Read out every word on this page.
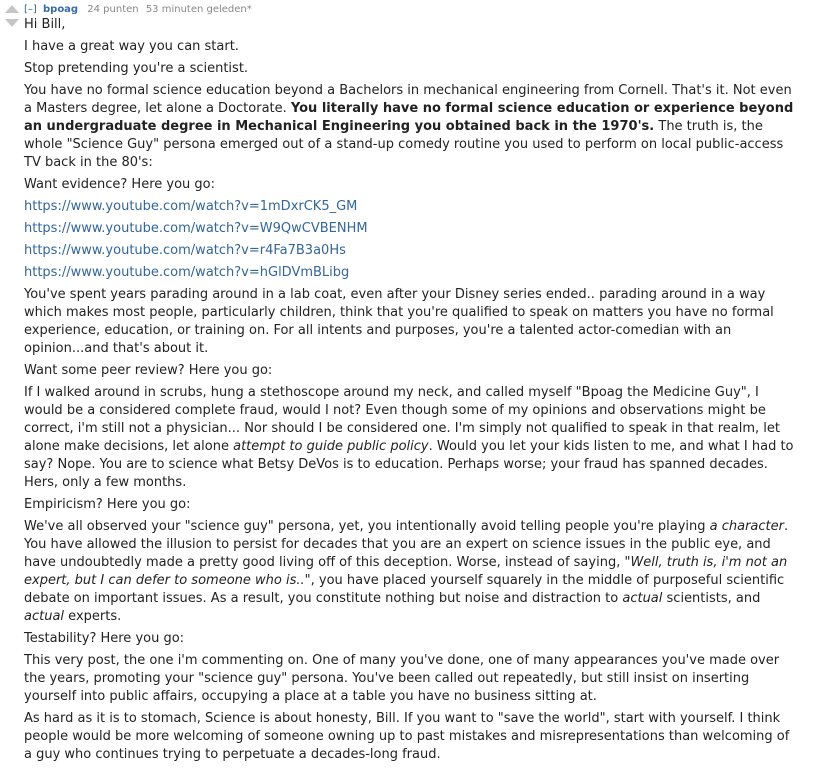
[–] bpoag 24 punten 53 minuten geleden*

Hi Bill,

I have a great way you can start.

Stop pretending you're a scientist.

You have no formal science education beyond a Bachelors in mechanical engineering from Cornell. That's it. Not even a Masters degree, let alone a Doctorate. You literally have no formal science education or experience beyond an undergraduate degree in Mechanical Engineering you obtained back in the 1970's. The truth is, the whole "Science Guy" persona emerged out of a stand-up comedy routine you used to perform on local public-access TV back in the 80's:

Want evidence? Here you go:

https://www.youtube.com/watch?v=1mDxrCK5_GM

https://www.youtube.com/watch?v=W9QwCVBENHM

https://www.youtube.com/watch?v=r4Fa7B3a0Hs

https://www.youtube.com/watch?v=hGlDVmBLibg

You've spent years parading around in a lab coat, even after your Disney series ended.. parading around in a way which makes most people, particularly children, think that you're qualified to speak on matters you have no formal experience, education, or training on. For all intents and purposes, you're a talented actor-comedian with an opinion...and that's about it.

Want some peer review? Here you go:

If I walked around in scrubs, hung a stethoscope around my neck, and called myself "Bpoag the Medicine Guy", I would be a considered complete fraud, would I not? Even though some of my opinions and observations might be correct, i'm still not a physician... Nor should I be considered one. I'm simply not qualified to speak in that realm, let alone make decisions, let alone attempt to guide public policy. Would you let your kids listen to me, and what I had to say? Nope. You are to science what Betsy DeVos is to education. Perhaps worse; your fraud has spanned decades. Hers, only a few months.

Empiricism? Here you go:

We've all observed your "science guy" persona, yet, you intentionally avoid telling people you're playing a character. You have allowed the illusion to persist for decades that you are an expert on science issues in the public eye, and have undoubtedly made a pretty good living off of this deception. Worse, instead of saying, "Well, truth is, i'm not an expert, but I can defer to someone who is..", you have placed yourself squarely in the middle of purposeful scientific debate on important issues. As a result, you constitute nothing but noise and distraction to actual scientists, and actual experts.

Testability? Here you go:

This very post, the one i'm commenting on. One of many you've done, one of many appearances you've made over the years, promoting your "science guy" persona. You've been called out repeatedly, but still insist on inserting yourself into public affairs, occupying a place at a table you have no business sitting at.

As hard as it is to stomach, Science is about honesty, Bill. If you want to "save the world", start with yourself. I think people would be more welcoming of someone owning up to past mistakes and misrepresentations than welcoming of a guy who continues trying to perpetuate a decades-long fraud.
